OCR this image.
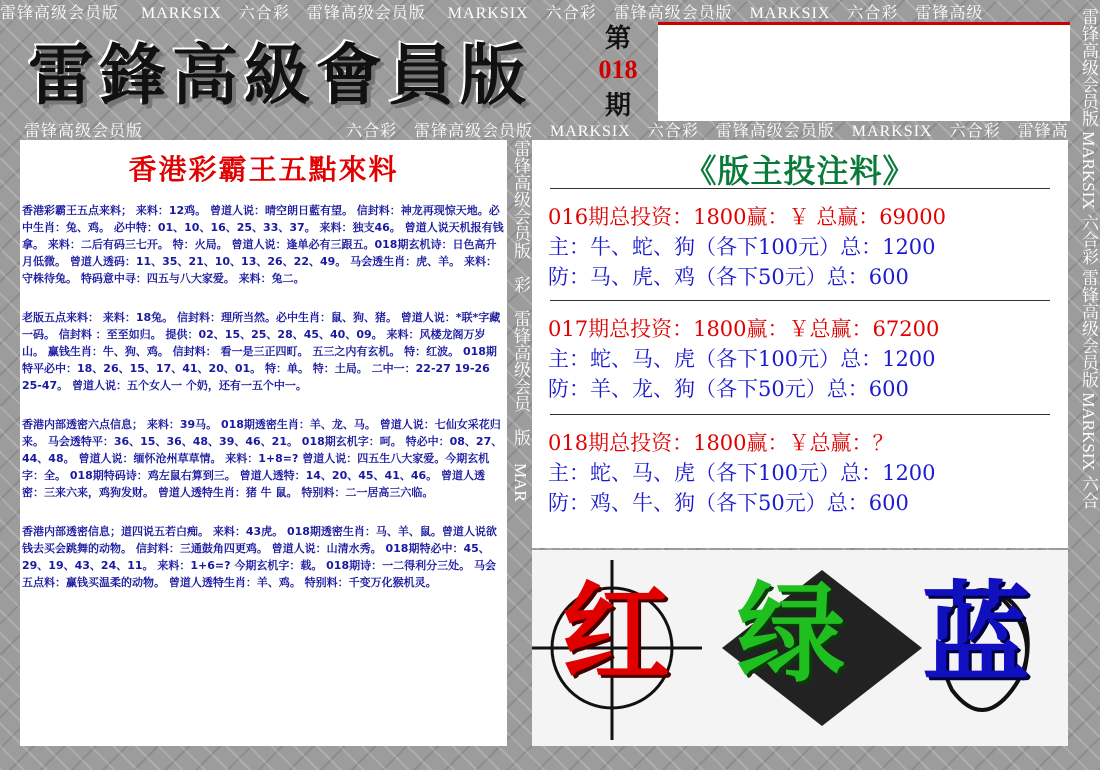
雷锋高级会员版　 MARKSIX　六合彩　雷锋高级会员版　 MARKSIX　六合彩　雷锋高级会员版　MARKSIX　六合彩　雷锋高级	雷锋高级会员版 MARKSIX 六合彩 雷锋高级会员版 MARKSIX 六合
雷鋒高級會員版	第
018
期
雷锋高级会员版	六合彩　雷锋高级会员版　MARKSIX　六合彩　雷锋高级会员版　MARKSIX　六合彩　雷锋高
雷锋高级会员版　彩　雷锋高级会员　版　MAR
香港彩霸王五點來料

香港彩霸王五点来料； 来料：12鸡。 曾道人说：晴空朗日藍有望。 信封料：神龙再现惊天地。必中生肖：兔、鸡。 必中特：01、10、16、25、33、37。 来料：独支46。 曾道人说天机报有钱拿。 来料：二后有码三七开。 特：火局。 曾道人说：逢单必有三跟五。018期玄机诗：日色高升月低微。 曾道人透码：11、35、21、10、13、26、22、49。 马会透生肖：虎、羊。 来料：守株待兔。 特码意中寻：四五与八大家爱。 来料：兔二。

老版五点来料： 来料：18兔。 信封料：理所当然。必中生肖：鼠、狗、猪。 曾道人说：*联*字藏一码。 信封料 ：至至如归。 提供：02、15、25、28、45、40、09。 来料：风楼龙阁万岁山。 赢钱生肖：牛、狗、鸡。 信封料： 看一是三正四町。 五三之内有玄机。 特：红波。 018期特平必中：18、26、15、17、41、20、01。 特：单。 特：土局。 二中一：22-27 19-26 25-47。 曾道人说：五个女人一 个奶，还有一五个中一。

香港内部透密六点信息； 来料：39马。 018期透密生肖：羊、龙、马。 曾道人说：七仙女采花归来。 马会透特平：36、15、36、48、39、46、21。 018期玄机字：呵。 特必中：08、27、44、48。 曾道人说：缅怀沧州草草情。 来料：1+8=? 曾道人说：四五生八大家爱。今期玄机字：全。 018期特码诗：鸡左鼠右算到三。 曾道人透特：14、20、45、41、46。 曾道人透密：三来六来，鸡狗发财。 曾道人透特生肖：猪 牛 鼠。 特别料：二一居高三六临。

香港内部透密信息；道四说五若白痴。 来料：43虎。 018期透密生肖：马、羊、鼠。曾道人说欲钱去买会跳舞的动物。 信封料：三通鼓角四更鸡。 曾道人说：山清水秀。 018期特必中：45、29、19、43、24、11。 来料：1+6=? 今期玄机字：载。 018期诗：一二得利分三处。 马会五点料：赢钱买温柔的动物。 曾道人透特生肖：羊、鸡。 特别料：千变万化猴机灵。

《版主投注料》
016期总投资：1800赢：￥ 总赢：69000
主：牛、蛇、狗（各下100元）总：1200
防：马、虎、鸡（各下50元）总：600
017期总投资：1800赢：￥总赢：67200
主：蛇、马、虎（各下100元）总：1200
防：羊、龙、狗（各下50元）总：600
018期总投资：1800赢：￥总赢：？
主：蛇、马、虎（各下100元）总：1200
防：鸡、牛、狗（各下50元）总：600
雷锋高级会员版	彭 雷锋高级会员版
红 绿 蓝
